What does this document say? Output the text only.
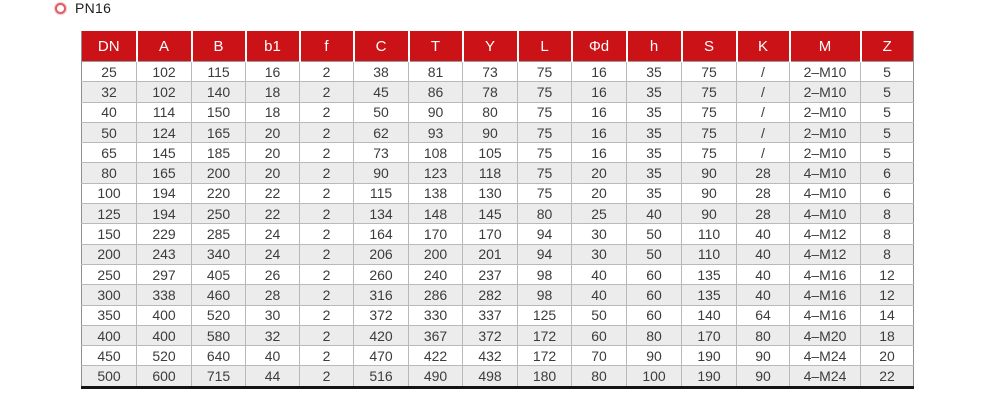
PN16
DN	A	B	b1	f	C	T	Y	L	Φd	h	S	K	M	Z
25	102	115	16	2	38	81	73	75	16	35	75	/	2–M10	5
32	102	140	18	2	45	86	78	75	16	35	75	/	2–M10	5
40	114	150	18	2	50	90	80	75	16	35	75	/	2–M10	5
50	124	165	20	2	62	93	90	75	16	35	75	/	2–M10	5
65	145	185	20	2	73	108	105	75	16	35	75	/	2–M10	5
80	165	200	20	2	90	123	118	75	20	35	90	28	4–M10	6
100	194	220	22	2	115	138	130	75	20	35	90	28	4–M10	6
125	194	250	22	2	134	148	145	80	25	40	90	28	4–M10	8
150	229	285	24	2	164	170	170	94	30	50	110	40	4–M12	8
200	243	340	24	2	206	200	201	94	30	50	110	40	4–M12	8
250	297	405	26	2	260	240	237	98	40	60	135	40	4–M16	12
300	338	460	28	2	316	286	282	98	40	60	135	40	4–M16	12
350	400	520	30	2	372	330	337	125	50	60	140	64	4–M16	14
400	400	580	32	2	420	367	372	172	60	80	170	80	4–M20	18
450	520	640	40	2	470	422	432	172	70	90	190	90	4–M24	20
500	600	715	44	2	516	490	498	180	80	100	190	90	4–M24	22
